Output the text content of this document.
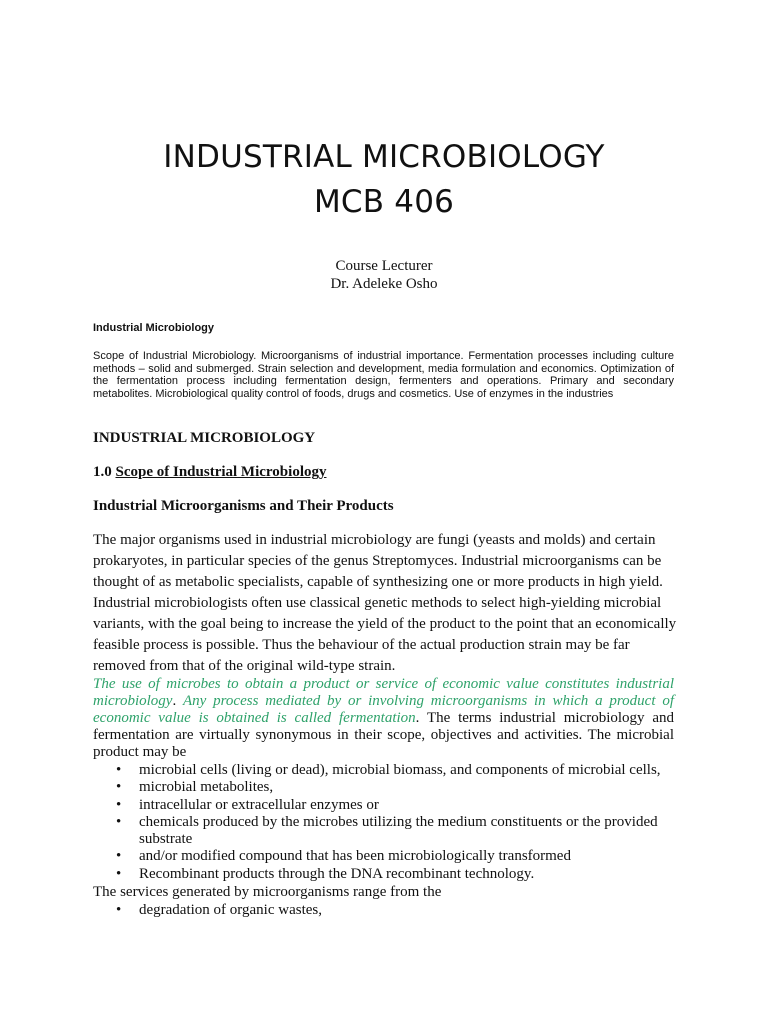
INDUSTRIAL MICROBIOLOGY
MCB 406
Course Lecturer
Dr. Adeleke Osho
Industrial Microbiology
Scope of Industrial Microbiology. Microorganisms of industrial importance. Fermentation processes including culture methods – solid and submerged. Strain selection and development, media formulation and economics. Optimization of the fermentation process including fermentation design, fermenters and operations. Primary and secondary metabolites. Microbiological quality control of foods, drugs and cosmetics. Use of enzymes in the industries
INDUSTRIAL MICROBIOLOGY
1.0 Scope of Industrial Microbiology
Industrial Microorganisms and Their Products
The major organisms used in industrial microbiology are fungi (yeasts and molds) and certain prokaryotes, in particular species of the genus Streptomyces. Industrial microorganisms can be thought of as metabolic specialists, capable of synthesizing one or more products in high yield. Industrial microbiologists often use classical genetic methods to select high-yielding microbial variants, with the goal being to increase the yield of the product to the point that an economically feasible process is possible. Thus the behaviour of the actual production strain may be far removed from that of the original wild-type strain.
The use of microbes to obtain a product or service of economic value constitutes industrial microbiology. Any process mediated by or involving microorganisms in which a product of economic value is obtained is called fermentation. The terms industrial microbiology and fermentation are virtually synonymous in their scope, objectives and activities. The microbial product may be
• microbial cells (living or dead), microbial biomass, and components of microbial cells,
• microbial metabolites,
• intracellular or extracellular enzymes or
• chemicals produced by the microbes utilizing the medium constituents or the provided substrate
• and/or modified compound that has been microbiologically transformed
• Recombinant products through the DNA recombinant technology.
The services generated by microorganisms range from the
• degradation of organic wastes,
